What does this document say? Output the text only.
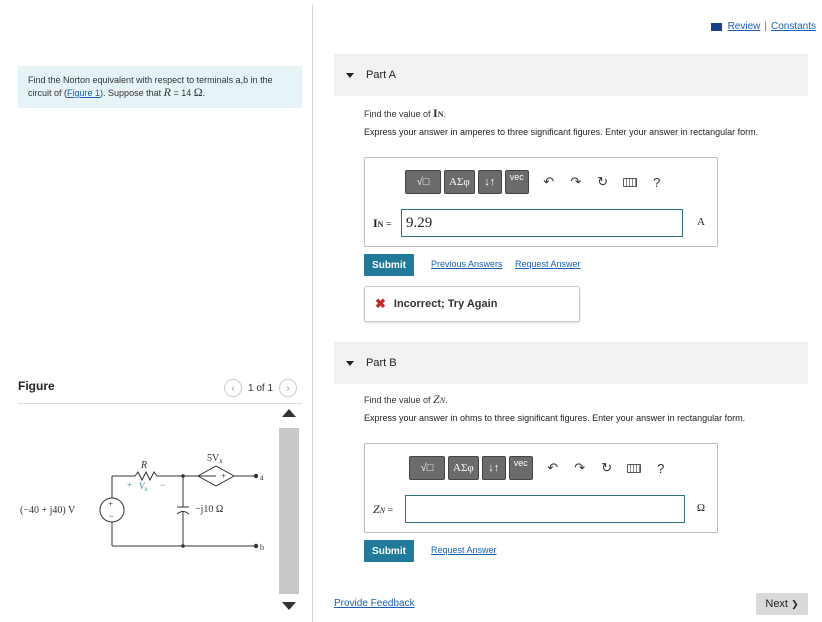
Find the Norton equivalent with respect to terminals a,b in the circuit of (Figure 1). Suppose that R = 14 Ω.
Figure	‹ 1 of 1 ›
(−40 + j40) V
+
−
R
+ $V_x$ −
$5V_x$
− +
−j10 Ω
a
b
Review | Constants
Part A
Find the value of IN.
Express your answer in amperes to three significant figures. Enter your answer in rectangular form.
√□	ΑΣφ	↓↑	vec	↶	↷	↻	?
IN = 9.29	A
Submit	Previous Answers Request Answer
✖ Incorrect; Try Again
Part B
Find the value of ZN.
Express your answer in ohms to three significant figures. Enter your answer in rectangular form.
√□	ΑΣφ	↓↑	vec	↶	↷	↻	?
ZN =	Ω
Submit	Request Answer
Provide Feedback	Next
❯
